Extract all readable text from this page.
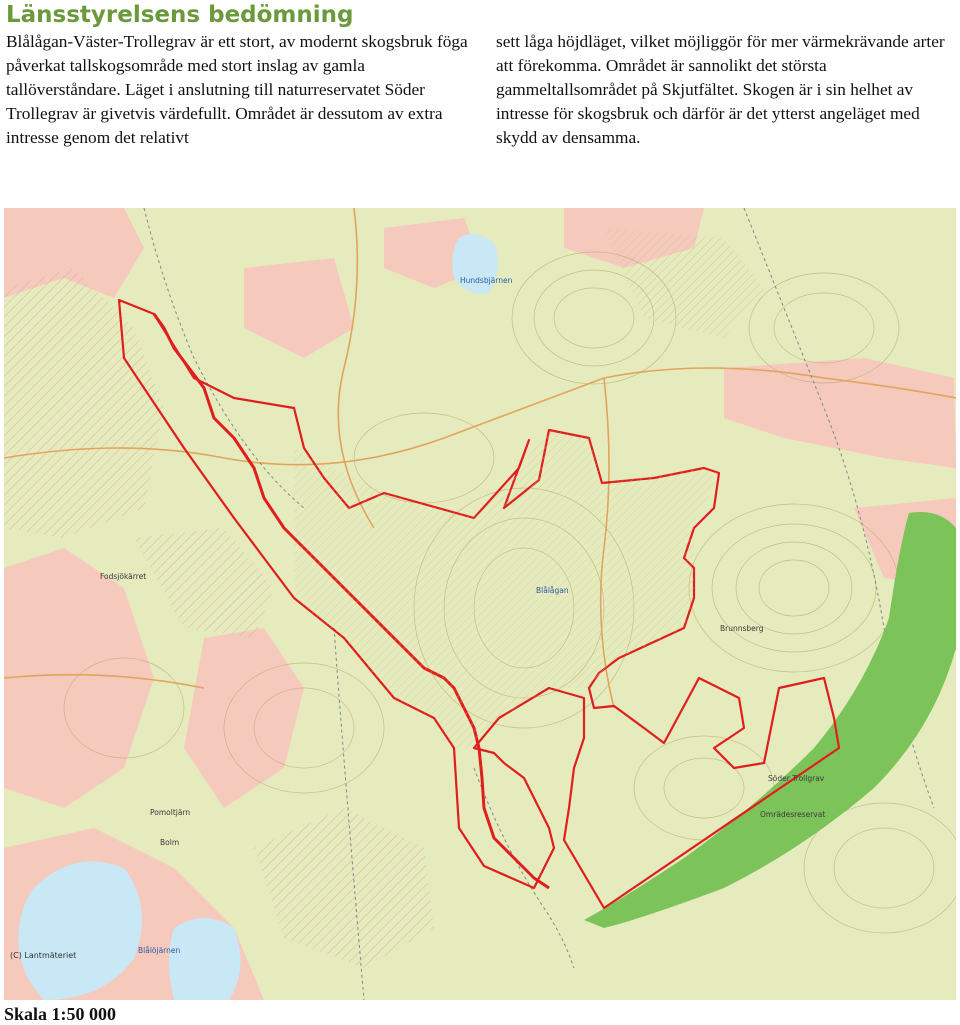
Länsstyrelsens bedömning

Blålågan-Väster-Trollegrav är ett stort, av modernt skogsbruk föga påverkat tallskogsområde med stort inslag av gamla tallöverståndare. Läget i anslutning till naturreservatet Söder Trollegrav är givetvis värdefullt. Området är dessutom av extra intresse genom det relativt

sett låga höjdläget, vilket möjliggör för mer värmekrävande arter att förekomma. Området är sannolikt det största gammeltallsområdet på Skjutfältet. Skogen är i sin helhet av intresse för skogsbruk och därför är det ytterst angeläget med skydd av densamma.

Hundsbjärnen
Fodsjökärret
Blålågan
Brunnsberg
Söder Trollgrav
Omrädesreservat
Pomoltjärn
Bolm
Blålöjärnen
(C) Lantmäteriet

Skala 1:50 000
